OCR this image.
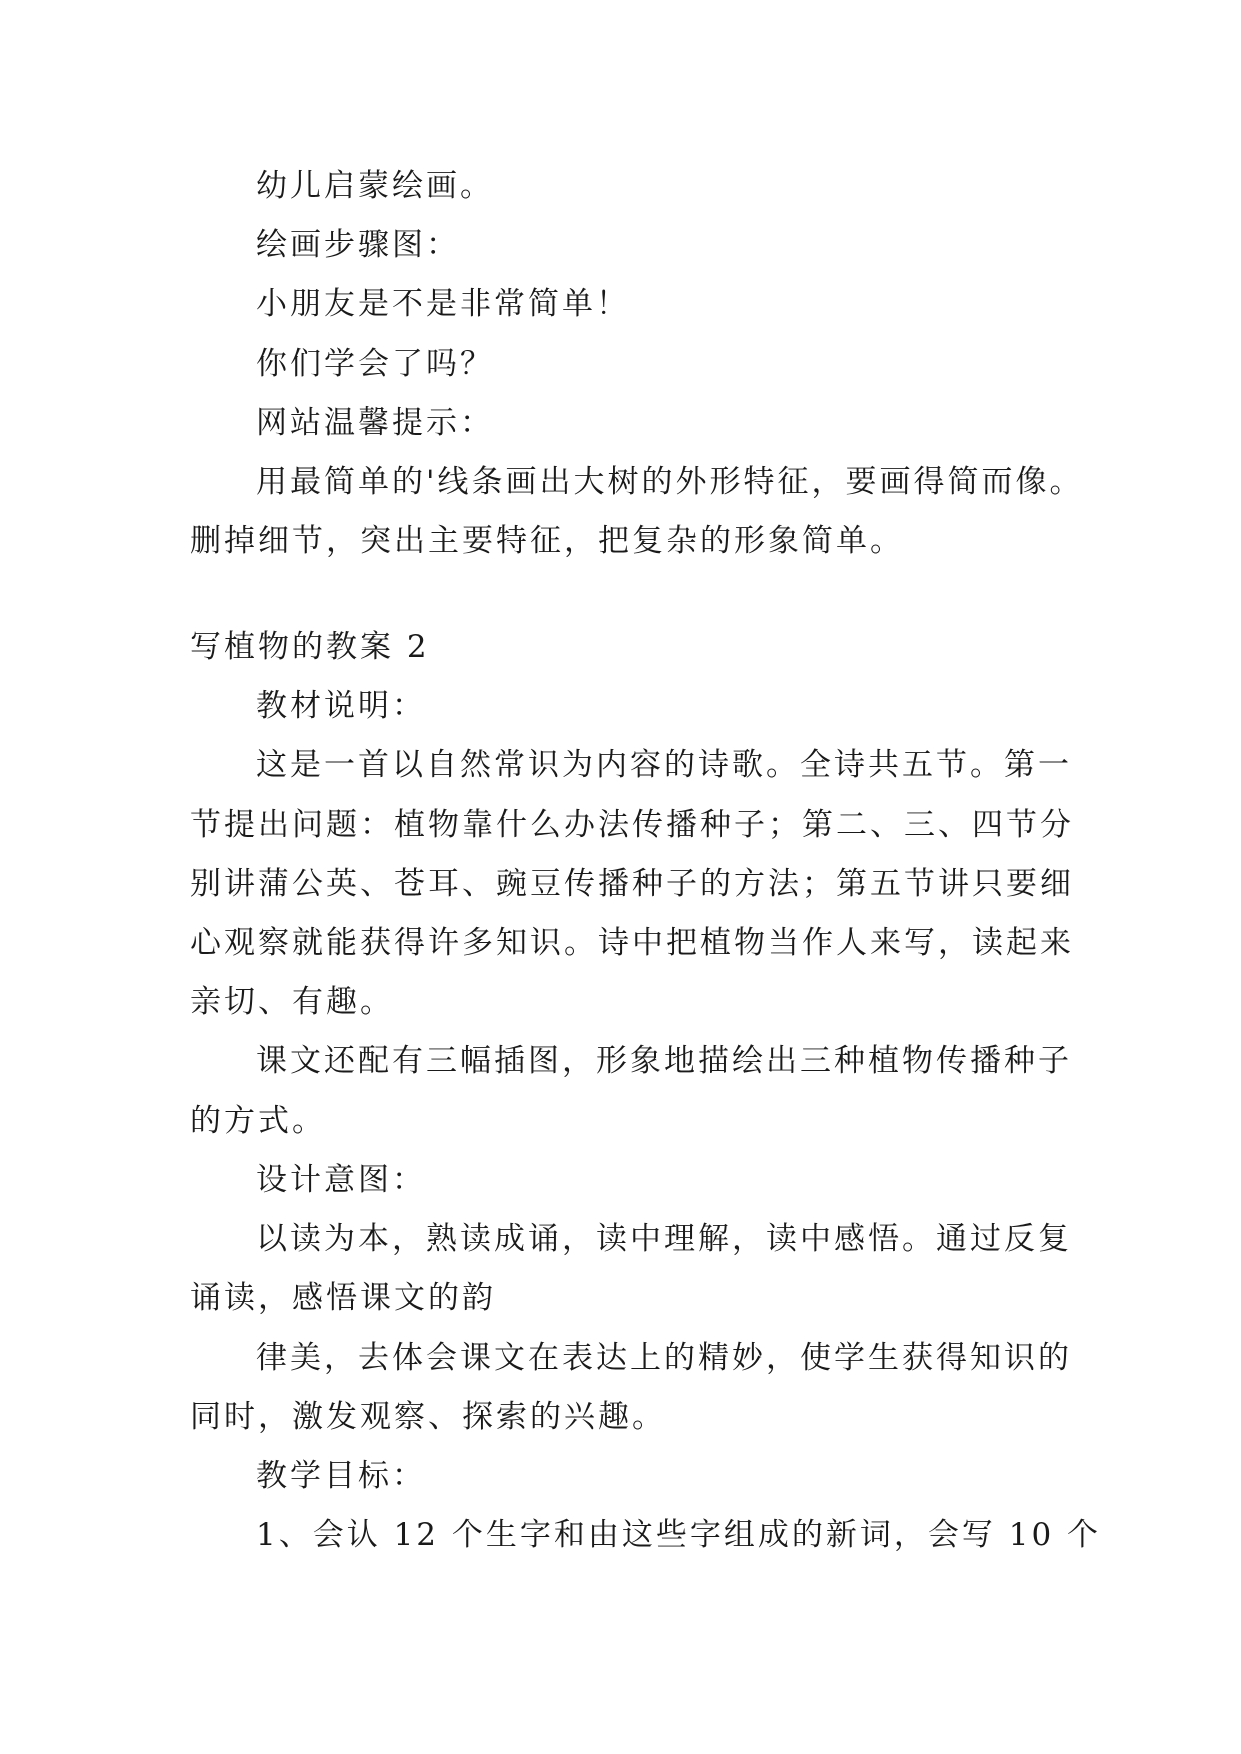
幼儿启蒙绘画。

绘画步骤图：

小朋友是不是非常简单！

你们学会了吗？

网站温馨提示：

用最简单的'线条画出大树的外形特征，要画得简而像。

删掉细节，突出主要特征，把复杂的形象简单。

写植物的教案 2

教材说明：

这是一首以自然常识为内容的诗歌。全诗共五节。第一

节提出问题：植物靠什么办法传播种子；第二、三、四节分

别讲蒲公英、苍耳、豌豆传播种子的方法；第五节讲只要细

心观察就能获得许多知识。诗中把植物当作人来写，读起来

亲切、有趣。

课文还配有三幅插图，形象地描绘出三种植物传播种子

的方式。

设计意图：

以读为本，熟读成诵，读中理解，读中感悟。通过反复

诵读，感悟课文的韵

律美，去体会课文在表达上的精妙，使学生获得知识的

同时，激发观察、探索的兴趣。

教学目标：

1、会认 12 个生字和由这些字组成的新词，会写 10 个
